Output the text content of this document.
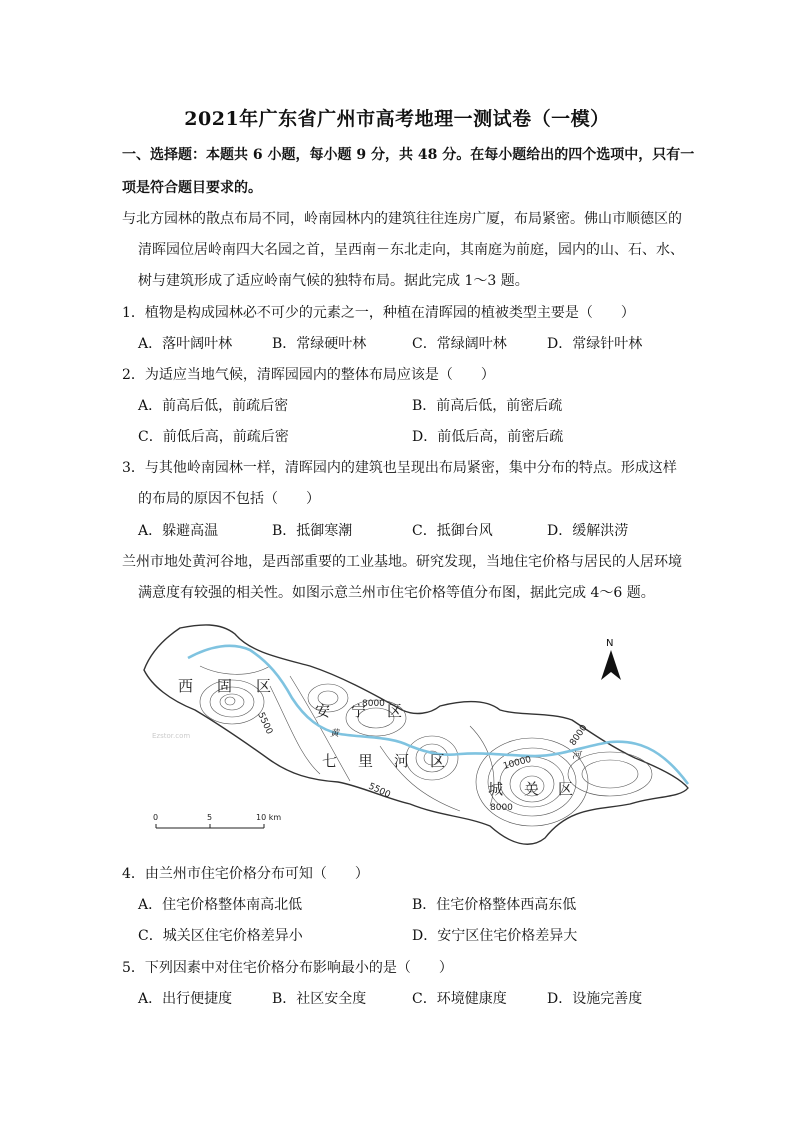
2021年广东省广州市高考地理一测试卷（一模）
一、选择题：本题共 6 小题，每小题 9 分，共 48 分。在每小题给出的四个选项中，只有一
项是符合题目要求的。
与北方园林的散点布局不同，岭南园林内的建筑往往连房广厦，布局紧密。佛山市顺德区的
清晖园位居岭南四大名园之首，呈西南－东北走向，其南庭为前庭，园内的山、石、水、
树与建筑形成了适应岭南气候的独特布局。据此完成 1～3 题。
1．植物是构成园林必不可少的元素之一，种植在清晖园的植被类型主要是（　　）
A．落叶阔叶林	B．常绿硬叶林	C．常绿阔叶林	D．常绿针叶林
2．为适应当地气候，清晖园园内的整体布局应该是（　　）
A．前高后低，前疏后密	B．前高后低，前密后疏
C．前低后高，前疏后密	D．前低后高，前密后疏
3．与其他岭南园林一样，清晖园内的建筑也呈现出布局紧密，集中分布的特点。形成这样
的布局的原因不包括（　　）
A．躲避高温	B．抵御寒潮	C．抵御台风	D．缓解洪涝
兰州市地处黄河谷地，是西部重要的工业基地。研究发现，当地住宅价格与居民的人居环境
满意度有较强的相关性。如图示意兰州市住宅价格等值分布图，据此完成 4～6 题。
西 固 区
安 宁 区
七 里 河 区
城 关 区
黄
河
5500
8000
5500
10000
8000
8000
Ezstor.com
N
0	5	10 km
4．由兰州市住宅价格分布可知（　　）
A．住宅价格整体南高北低	B．住宅价格整体西高东低
C．城关区住宅价格差异小	D．安宁区住宅价格差异大
5．下列因素中对住宅价格分布影响最小的是（　　）
A．出行便捷度	B．社区安全度	C．环境健康度	D．设施完善度
